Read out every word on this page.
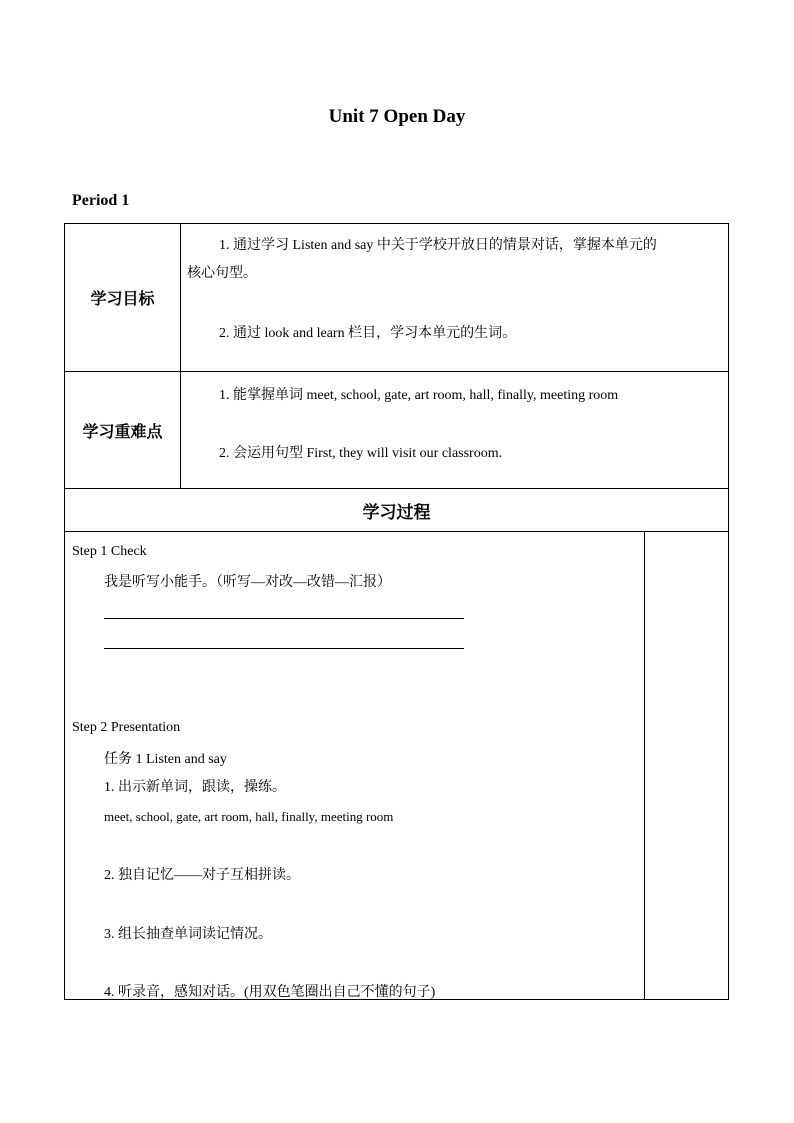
Unit 7 Open Day
Period 1
学习目标
1. 通过学习 Listen and say 中关于学校开放日的情景对话，掌握本单元的
核心句型。
2. 通过 look and learn 栏目，学习本单元的生词。
学习重难点
1. 能掌握单词 meet, school, gate, art room, hall, finally, meeting room
2. 会运用句型 First, they will visit our classroom.
学习过程
Step 1 Check
我是听写小能手。（听写—对改—改错—汇报）
Step 2 Presentation
任务 1 Listen and say
1. 出示新单词，跟读，操练。
meet, school, gate, art room, hall, finally, meeting room
2. 独自记忆——对子互相拼读。
3. 组长抽查单词读记情况。
4. 听录音，感知对话。(用双色笔圈出自己不懂的句子)
